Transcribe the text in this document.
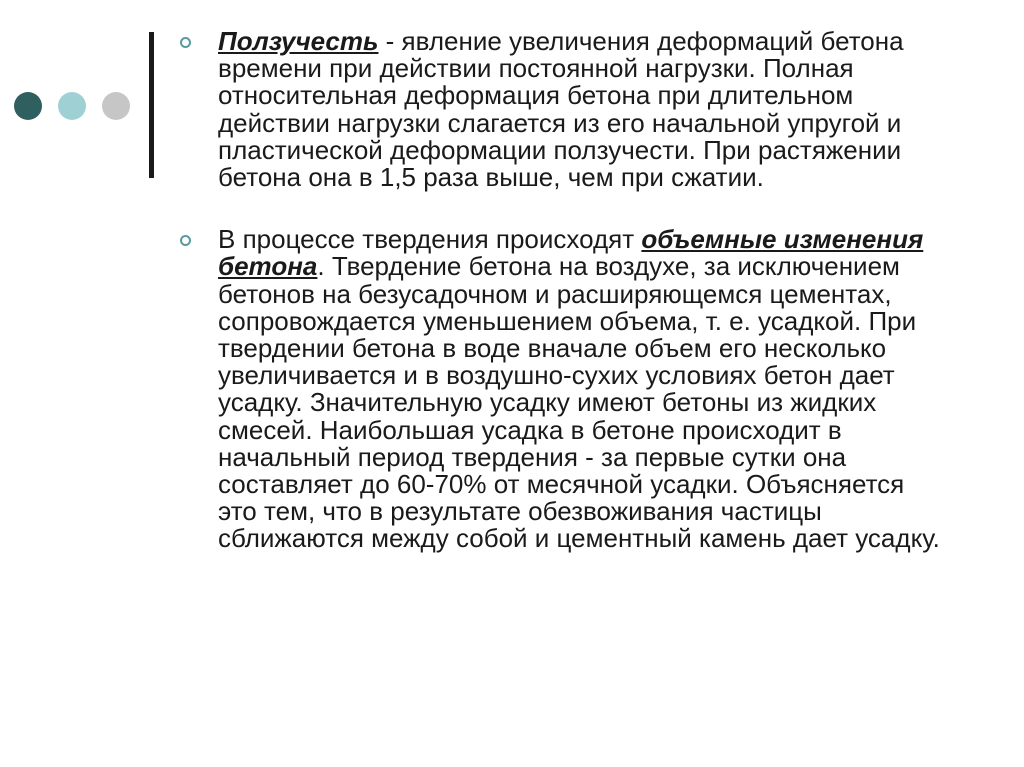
Ползучесть - явление увеличения деформаций бетона времени при действии постоянной нагрузки. Полная относительная деформация бетона при длительном действии нагрузки слагается из его начальной упругой и пластической деформации ползучести. При растяжении бетона она в 1,5 раза выше, чем при сжатии.
В процессе твердения происходят объемные изменения бетона. Твердение бетона на воздухе, за исключением бетонов на безусадочном и расширяющемся цементах, сопровождается уменьшением объема, т. е. усадкой. При твердении бетона в воде вначале объем его несколько увеличивается и в воздушно-сухих условиях бетон дает усадку. Значительную усадку имеют бетоны из жидких смесей. Наибольшая усадка в бетоне происходит в начальный период твердения - за первые сутки она составляет до 60-70% от месячной усадки. Объясняется это тем, что в результате обезвоживания частицы сближаются между собой и цементный камень дает усадку.
